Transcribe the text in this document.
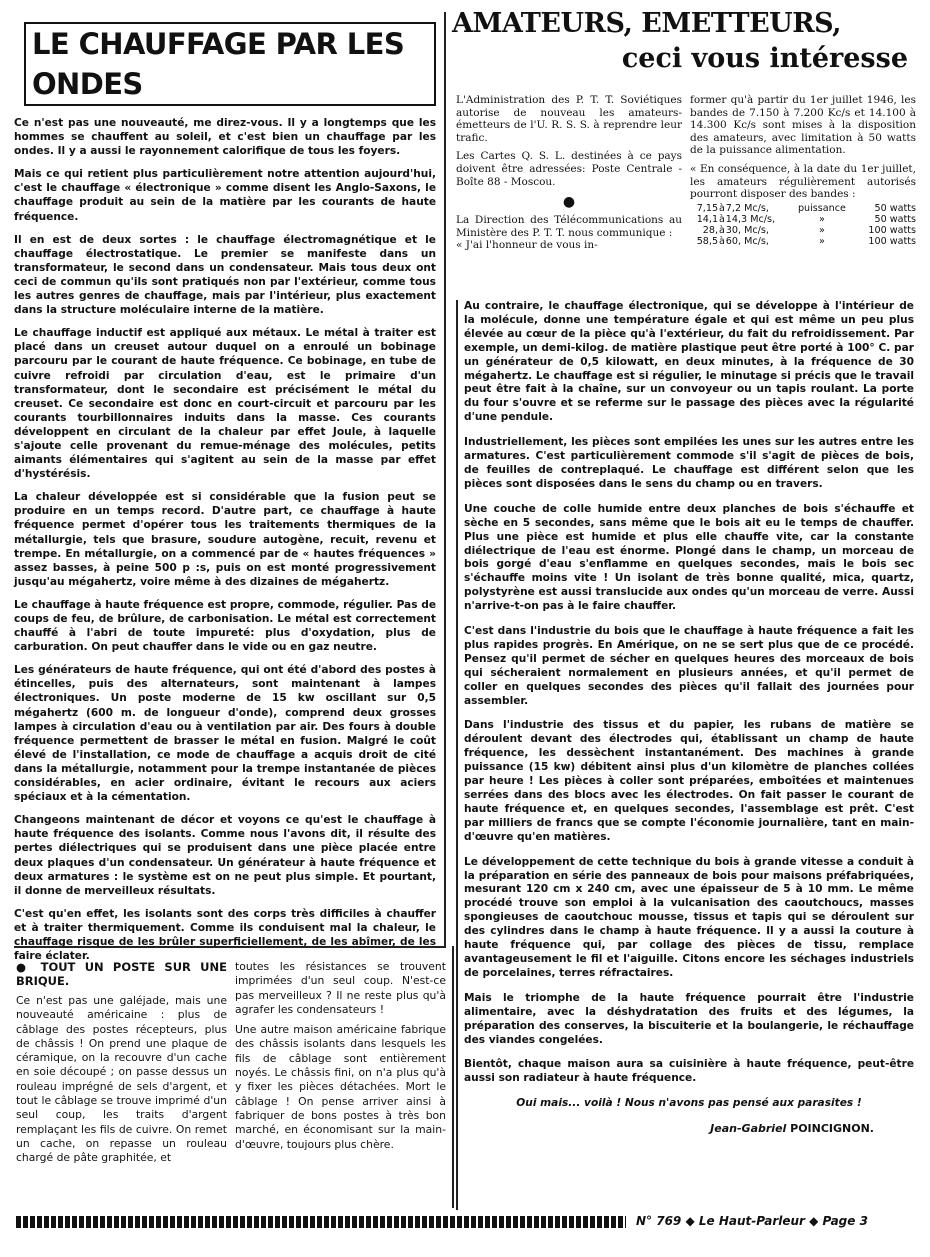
LE CHAUFFAGE PAR LES ONDES

Ce n'est pas une nouveauté, me direz-vous. Il y a longtemps que les hommes se chauffent au soleil, et c'est bien un chauffage par les ondes. Il y a aussi le rayonnement calorifique de tous les foyers.

Mais ce qui retient plus particulièrement notre attention aujourd'hui, c'est le chauffage « électronique » comme disent les Anglo-Saxons, le chauffage produit au sein de la matière par les courants de haute fréquence.

Il en est de deux sortes : le chauffage électromagnétique et le chauffage électrostatique. Le premier se manifeste dans un transformateur, le second dans un condensateur. Mais tous deux ont ceci de commun qu'ils sont pratiqués non par l'extérieur, comme tous les autres genres de chauffage, mais par l'intérieur, plus exactement dans la structure moléculaire interne de la matière.

Le chauffage inductif est appliqué aux métaux. Le métal à traiter est placé dans un creuset autour duquel on a enroulé un bobinage parcouru par le courant de haute fréquence. Ce bobinage, en tube de cuivre refroidi par circulation d'eau, est le primaire d'un transformateur, dont le secondaire est précisément le métal du creuset. Ce secondaire est donc en court-circuit et parcouru par les courants tourbillonnaires induits dans la masse. Ces courants développent en circulant de la chaleur par effet Joule, à laquelle s'ajoute celle provenant du remue-ménage des molécules, petits aimants élémentaires qui s'agitent au sein de la masse par effet d'hystérésis.

La chaleur développée est si considérable que la fusion peut se produire en un temps record. D'autre part, ce chauffage à haute fréquence permet d'opérer tous les traitements thermiques de la métallurgie, tels que brasure, soudure autogène, recuit, revenu et trempe. En métallurgie, on a commencé par de « hautes fréquences » assez basses, à peine 500 p :s, puis on est monté progressivement jusqu'au mégahertz, voire même à des dizaines de mégahertz.

Le chauffage à haute fréquence est propre, commode, régulier. Pas de coups de feu, de brûlure, de carbonisation. Le métal est correctement chauffé à l'abri de toute impureté: plus d'oxydation, plus de carburation. On peut chauffer dans le vide ou en gaz neutre.

Les générateurs de haute fréquence, qui ont été d'abord des postes à étincelles, puis des alternateurs, sont maintenant à lampes électroniques. Un poste moderne de 15 kw oscillant sur 0,5 mégahertz (600 m. de longueur d'onde), comprend deux grosses lampes à circulation d'eau ou à ventilation par air. Des fours à double fréquence permettent de brasser le métal en fusion. Malgré le coût élevé de l'installation, ce mode de chauffage a acquis droit de cité dans la métallurgie, notamment pour la trempe instantanée de pièces considérables, en acier ordinaire, évitant le recours aux aciers spéciaux et à la cémentation.

Changeons maintenant de décor et voyons ce qu'est le chauffage à haute fréquence des isolants. Comme nous l'avons dit, il résulte des pertes diélectriques qui se produisent dans une pièce placée entre deux plaques d'un condensateur. Un générateur à haute fréquence et deux armatures : le système est on ne peut plus simple. Et pourtant, il donne de merveilleux résultats.

C'est qu'en effet, les isolants sont des corps très difficiles à chauffer et à traiter thermiquement. Comme ils conduisent mal la chaleur, le chauffage risque de les brûler superficiellement, de les abîmer, de les faire éclater.

AMATEURS, EMETTEURS,
ceci vous intéresse

L'Administration des P. T. T. Soviétiques autorise de nouveau les amateurs-émetteurs de l'U. R. S. S. à reprendre leur trafic.

Les Cartes Q. S. L. destinées à ce pays doivent être adressées: Poste Centrale - Boîte 88 - Moscou.

●

La Direction des Télécommunications au Ministère des P. T. T. nous communique :

« J'ai l'honneur de vous in-

former qu'à partir du 1er juillet 1946, les bandes de 7.150 à 7.200 Kc/s et 14.100 à 14.300 Kc/s sont mises à la disposition des amateurs, avec limitation à 50 watts de la puissance alimentation.

« En conséquence, à la date du 1er juillet, les amateurs régulièrement autorisés pourront disposer des bandes :

7,15	à	7,2 Mc/s,	puissance	50 watts
14,1	à	14,3 Mc/s,	»	50 watts
28,	à	30, Mc/s,	»	100 watts
58,5	à	60, Mc/s,	»	100 watts

Au contraire, le chauffage électronique, qui se développe à l'intérieur de la molécule, donne une température égale et qui est même un peu plus élevée au cœur de la pièce qu'à l'extérieur, du fait du refroidissement. Par exemple, un demi-kilog. de matière plastique peut être porté à 100° C. par un générateur de 0,5 kilowatt, en deux minutes, à la fréquence de 30 mégahertz. Le chauffage est si régulier, le minutage si précis que le travail peut être fait à la chaîne, sur un convoyeur ou un tapis roulant. La porte du four s'ouvre et se referme sur le passage des pièces avec la régularité d'une pendule.

Industriellement, les pièces sont empilées les unes sur les autres entre les armatures. C'est particulièrement commode s'il s'agit de pièces de bois, de feuilles de contreplaqué. Le chauffage est différent selon que les pièces sont disposées dans le sens du champ ou en travers.

Une couche de colle humide entre deux planches de bois s'échauffe et sèche en 5 secondes, sans même que le bois ait eu le temps de chauffer. Plus une pièce est humide et plus elle chauffe vite, car la constante diélectrique de l'eau est énorme. Plongé dans le champ, un morceau de bois gorgé d'eau s'enflamme en quelques secondes, mais le bois sec s'échauffe moins vite ! Un isolant de très bonne qualité, mica, quartz, polystyrène est aussi translucide aux ondes qu'un morceau de verre. Aussi n'arrive-t-on pas à le faire chauffer.

C'est dans l'industrie du bois que le chauffage à haute fréquence a fait les plus rapides progrès. En Amérique, on ne se sert plus que de ce procédé. Pensez qu'il permet de sécher en quelques heures des morceaux de bois qui sécheraient normalement en plusieurs années, et qu'il permet de coller en quelques secondes des pièces qu'il fallait des journées pour assembler.

Dans l'industrie des tissus et du papier, les rubans de matière se déroulent devant des électrodes qui, établissant un champ de haute fréquence, les dessèchent instantanément. Des machines à grande puissance (15 kw) débitent ainsi plus d'un kilomètre de planches collées par heure ! Les pièces à coller sont préparées, emboîtées et maintenues serrées dans des blocs avec les électrodes. On fait passer le courant de haute fréquence et, en quelques secondes, l'assemblage est prêt. C'est par milliers de francs que se compte l'économie journalière, tant en main-d'œuvre qu'en matières.

Le développement de cette technique du bois à grande vitesse a conduit à la préparation en série des panneaux de bois pour maisons préfabriquées, mesurant 120 cm x 240 cm, avec une épaisseur de 5 à 10 mm. Le même procédé trouve son emploi à la vulcanisation des caoutchoucs, masses spongieuses de caoutchouc mousse, tissus et tapis qui se déroulent sur des cylindres dans le champ à haute fréquence. Il y a aussi la couture à haute fréquence qui, par collage des pièces de tissu, remplace avantageusement le fil et l'aiguille. Citons encore les séchages industriels de porcelaines, terres réfractaires.

Mais le triomphe de la haute fréquence pourrait être l'industrie alimentaire, avec la déshydratation des fruits et des légumes, la préparation des conserves, la biscuiterie et la boulangerie, le réchauffage des viandes congelées.

Bientôt, chaque maison aura sa cuisinière à haute fréquence, peut-être aussi son radiateur à haute fréquence.

Oui mais... voilà ! Nous n'avons pas pensé aux parasites !

Jean-Gabriel POINCIGNON.

● TOUT UN POSTE SUR UNE BRIQUE.

Ce n'est pas une galéjade, mais une nouveauté américaine : plus de câblage des postes récepteurs, plus de châssis ! On prend une plaque de céramique, on la recouvre d'un cache en soie découpé ; on passe dessus un rouleau imprégné de sels d'argent, et tout le câblage se trouve imprimé d'un seul coup, les traits d'argent remplaçant les fils de cuivre. On remet un cache, on repasse un rouleau chargé de pâte graphitée, et

toutes les résistances se trouvent imprimées d'un seul coup. N'est-ce pas merveilleux ? Il ne reste plus qu'à agrafer les condensateurs !

Une autre maison américaine fabrique des châssis isolants dans lesquels les fils de câblage sont entièrement noyés. Le châssis fini, on n'a plus qu'à y fixer les pièces détachées. Mort le câblage ! On pense arriver ainsi à fabriquer de bons postes à très bon marché, en économisant sur la main-d'œuvre, toujours plus chère.

N° 769 ◆ Le Haut-Parleur ◆ Page 3
